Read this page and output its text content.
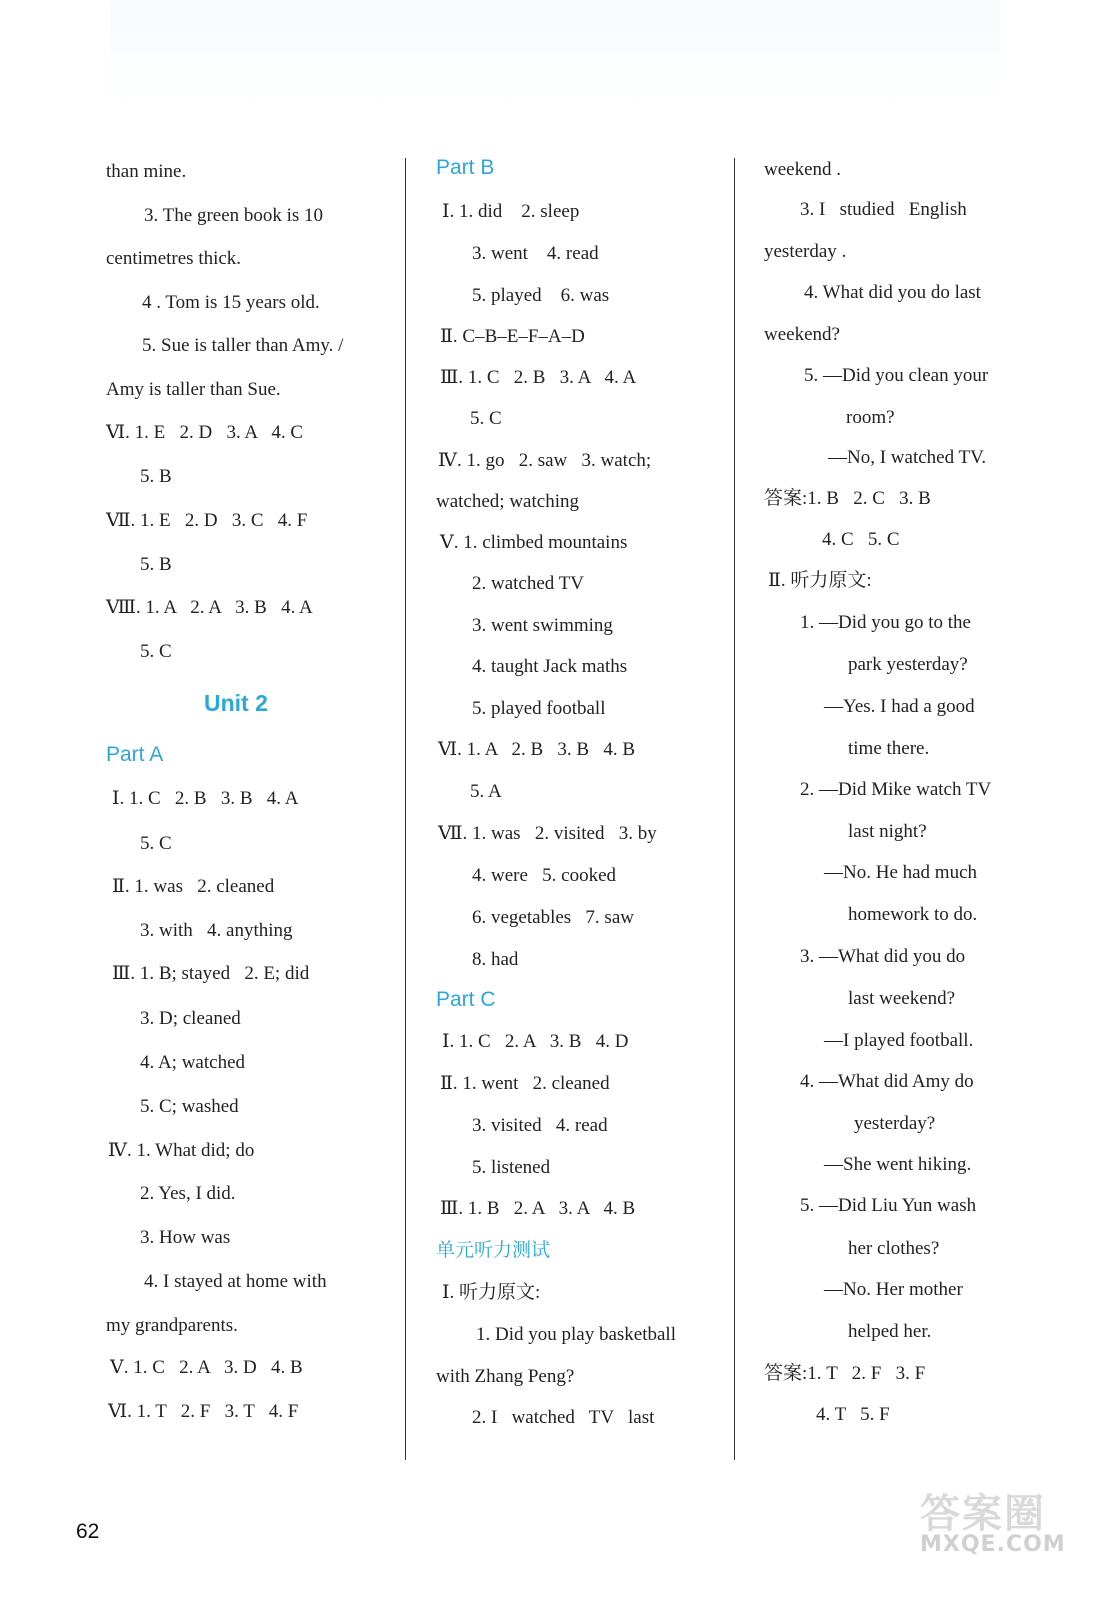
than mine.
3. The green book is 10
centimetres thick.
4 . Tom is 15 years old.
5. Sue is taller than Amy. /
Amy is taller than Sue.
Ⅵ. 1. E   2. D   3. A   4. C
5. B
Ⅶ. 1. E   2. D   3. C   4. F
5. B
Ⅷ. 1. A   2. A   3. B   4. A
5. C
Unit 2
Part A
Ⅰ. 1. C   2. B   3. B   4. A
5. C
Ⅱ. 1. was   2. cleaned
3. with   4. anything
Ⅲ. 1. B; stayed   2. E; did
3. D; cleaned
4. A; watched
5. C; washed
Ⅳ. 1. What did; do
2. Yes, I did.
3. How was
4. I stayed at home with
my grandparents.
Ⅴ. 1. C   2. A   3. D   4. B
Ⅵ. 1. T   2. F   3. T   4. F
Part B
Ⅰ. 1. did    2. sleep
3. went    4. read
5. played    6. was
Ⅱ. C–B–E–F–A–D
Ⅲ. 1. C   2. B   3. A   4. A
5. C
Ⅳ. 1. go   2. saw   3. watch;
watched; watching
Ⅴ. 1. climbed mountains
2. watched TV
3. went swimming
4. taught Jack maths
5. played football
Ⅵ. 1. A   2. B   3. B   4. B
5. A
Ⅶ. 1. was   2. visited   3. by
4. were   5. cooked
6. vegetables   7. saw
8. had
Part C
Ⅰ. 1. C   2. A   3. B   4. D
Ⅱ. 1. went   2. cleaned
3. visited   4. read
5. listened
Ⅲ. 1. B   2. A   3. A   4. B
单元听力测试
Ⅰ. 听力原文:
1. Did you play basketball
with Zhang Peng?
2. I   watched   TV   last
weekend .
3. I   studied   English
yesterday .
4. What did you do last
weekend?
5. —Did you clean your
room?
—No, I watched TV.
答案:1. B   2. C   3. B
4. C   5. C
Ⅱ. 听力原文:
1. —Did you go to the
park yesterday?
—Yes. I had a good
time there.
2. —Did Mike watch TV
last night?
—No. He had much
homework to do.
3. —What did you do
last weekend?
—I played football.
4. —What did Amy do
yesterday?
—She went hiking.
5. —Did Liu Yun wash
her clothes?
—No. Her mother
helped her.
答案:1. T   2. F   3. F
4. T   5. F
62	答案圈
MXQE.COM
